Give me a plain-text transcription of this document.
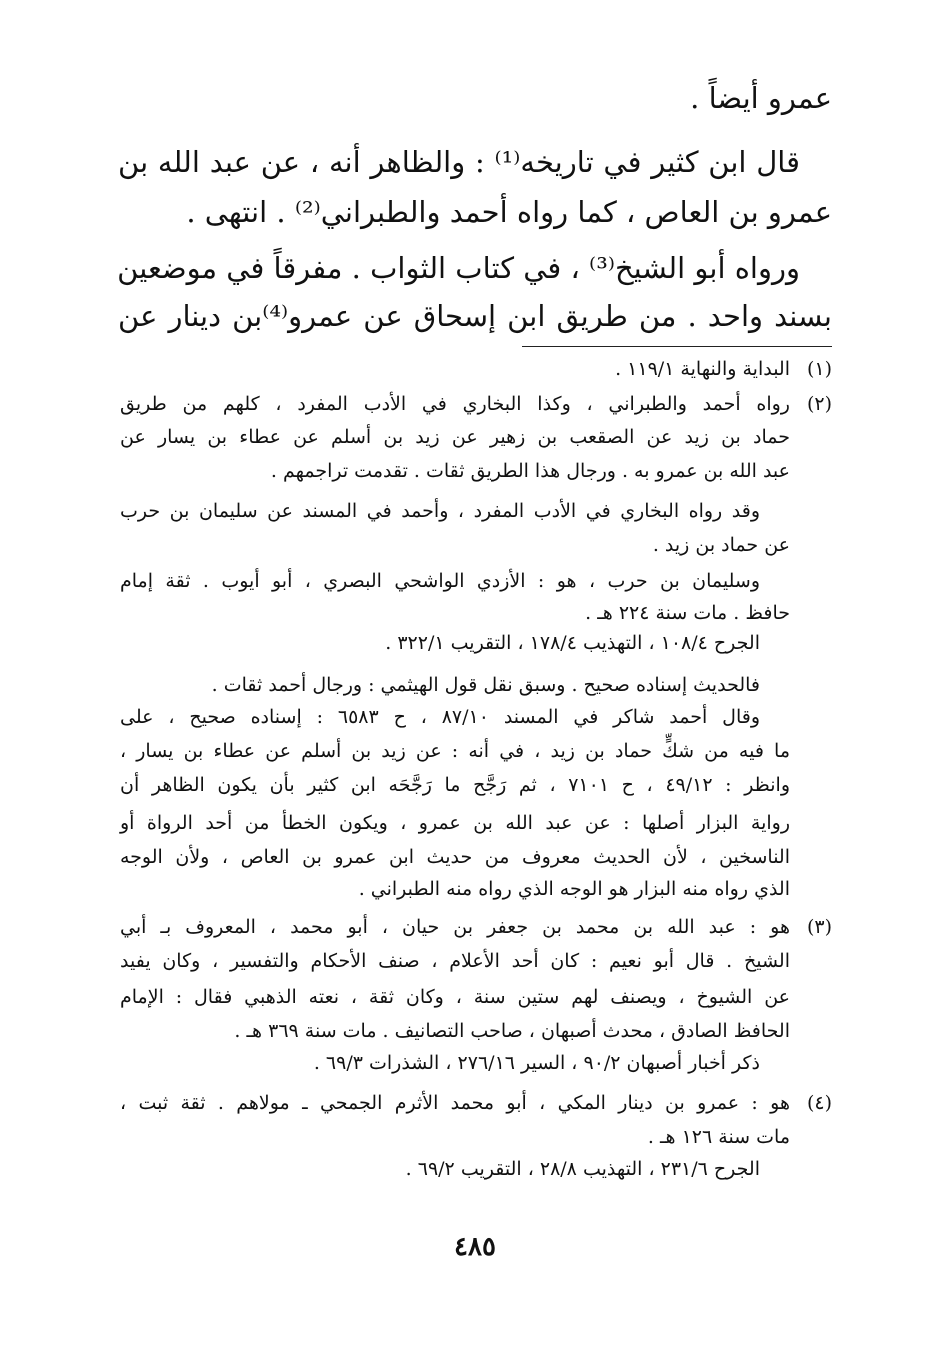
عمرو أيضاً .
قال ابن كثير في تاريخه⁽¹⁾ : والظاهر أنه ، عن عبد الله بن
عمرو بن العاص ، كما رواه أحمد والطبراني⁽²⁾ . انتهى .
ورواه أبو الشيخ⁽³⁾ ، في كتاب الثواب . مفرقاً في موضعين
بسند واحد . من طريق ابن إسحاق عن عمرو⁽⁴⁾بن دينار عن
(١)
البداية والنهاية ١١٩/١ .
(٢)
رواه أحمد والطبراني ، وكذا البخاري في الأدب المفرد ، كلهم من طريق
حماد بن زيد عن الصقعب بن زهير عن زيد بن أسلم عن عطاء بن يسار عن
عبد الله بن عمرو به . ورجال هذا الطريق ثقات . تقدمت تراجمهم .
وقد رواه البخاري في الأدب المفرد ، وأحمد في المسند عن سليمان بن حرب
عن حماد بن زيد .
وسليمان بن حرب ، هو : الأزدي الواشحي البصري ، أبو أيوب . ثقة إمام
حافظ . مات سنة ٢٢٤ هـ .
الجرح ١٠٨/٤ ، التهذيب ١٧٨/٤ ، التقريب ٣٢٢/١ .
فالحديث إسناده صحيح . وسبق نقل قول الهيثمي : ورجال أحمد ثقات .
وقال أحمد شاكر في المسند ٨٧/١٠ ، ح ٦٥٨٣ : إسناده صحيح ، على
ما فيه من شكٍّ حماد بن زيد ، في أنه : عن زيد بن أسلم عن عطاء بن يسار ،
وانظر : ٤٩/١٢ ، ح ٧١٠١ ، ثم رَجَّح ما رَجَّحَه ابن كثير بأن يكون الظاهر أن
رواية البزار أصلها : عن عبد الله بن عمرو ، ويكون الخطأ من أحد الرواة أو
الناسخين ، لأن الحديث معروف من حديث ابن عمرو بن العاص ، ولأن الوجه
الذي رواه منه البزار هو الوجه الذي رواه منه الطبراني .
(٣)
هو : عبد الله بن محمد بن جعفر بن حيان ، أبو محمد ، المعروف بـ أبي
الشيخ . قال أبو نعيم : كان أحد الأعلام ، صنف الأحكام والتفسير ، وكان يفيد
عن الشيوخ ، ويصنف لهم ستين سنة ، وكان ثقة ، نعته الذهبي فقال : الإمام
الحافظ الصادق ، محدث أصبهان ، صاحب التصانيف . مات سنة ٣٦٩ هـ .
ذكر أخبار أصبهان ٩٠/٢ ، السير ٢٧٦/١٦ ، الشذرات ٦٩/٣ .
(٤)
هو : عمرو بن دينار المكي ، أبو محمد الأثرم الجمحي ـ مولاهم . ثقة ثبت ،
مات سنة ١٢٦ هـ .
الجرح ٢٣١/٦ ، التهذيب ٢٨/٨ ، التقريب ٦٩/٢ .
٤٨٥
